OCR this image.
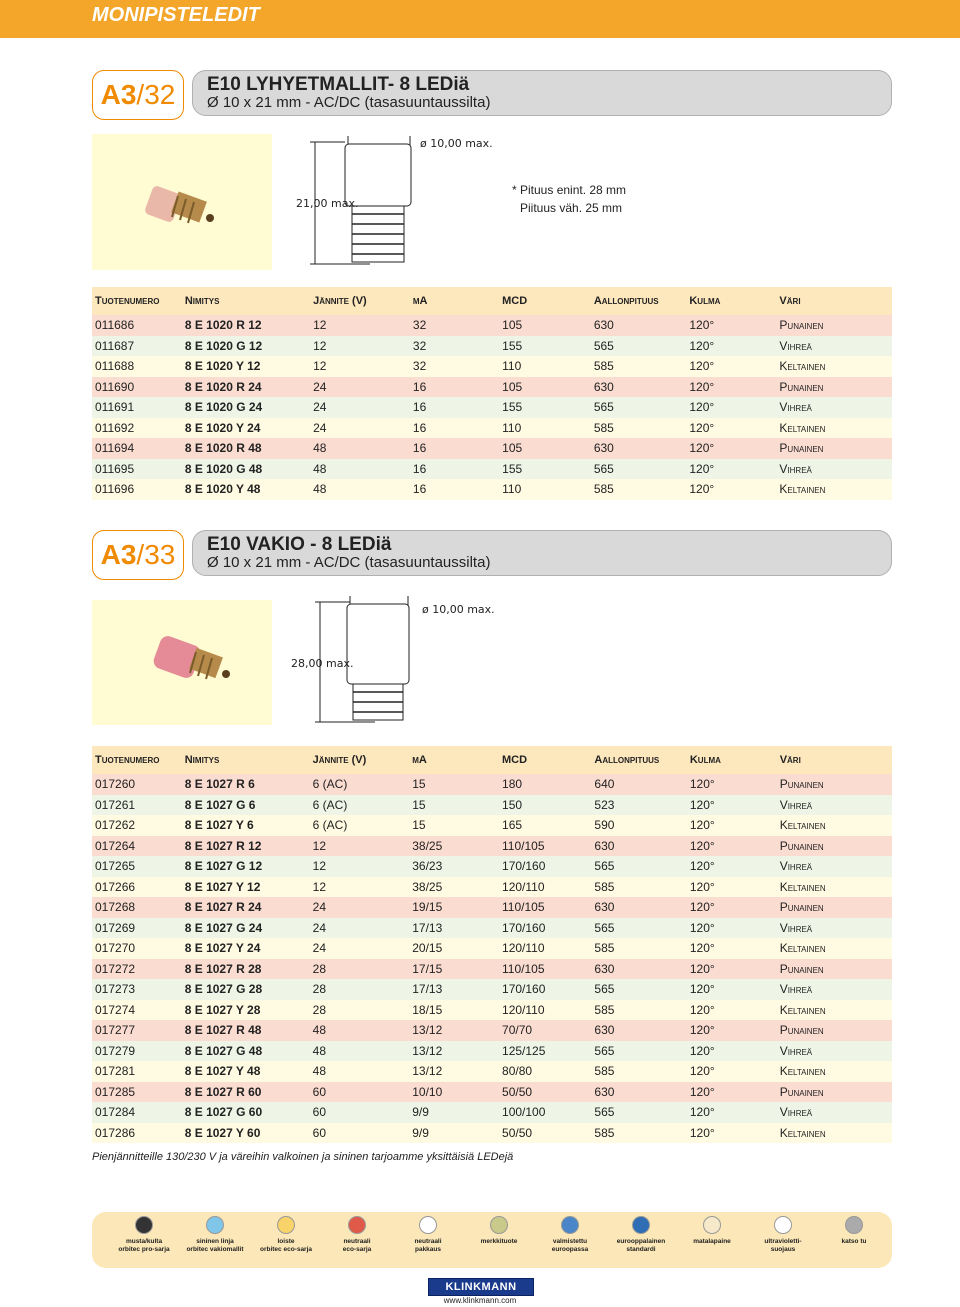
MONIPISTELEDIT
A3/32	E10 LYHYETMALLIT- 8 LEDiä
Ø 10 x 21 mm - AC/DC (tasasuuntaussilta)
ø 10,00 max.
21,00 max.
* Pituus enint. 28 mm
Piituus väh. 25 mm
Tuotenumero	Nimitys	Jännite (V)	mA	MCD	Aallonpituus	Kulma	Väri
011686	8 E 1020 R 12	12	32	105	630	120°	Punainen
011687	8 E 1020 G 12	12	32	155	565	120°	Vihreä
011688	8 E 1020 Y 12	12	32	110	585	120°	Keltainen
011690	8 E 1020 R 24	24	16	105	630	120°	Punainen
011691	8 E 1020 G 24	24	16	155	565	120°	Vihreä
011692	8 E 1020 Y 24	24	16	110	585	120°	Keltainen
011694	8 E 1020 R 48	48	16	105	630	120°	Punainen
011695	8 E 1020 G 48	48	16	155	565	120°	Vihreä
011696	8 E 1020 Y 48	48	16	110	585	120°	Keltainen
A3/33	E10 VAKIO - 8 LEDiä
Ø 10 x 21 mm - AC/DC (tasasuuntaussilta)
ø 10,00 max.
28,00 max.
Tuotenumero	Nimitys	Jännite (V)	mA	MCD	Aallonpituus	Kulma	Väri
017260	8 E 1027 R 6	6 (AC)	15	180	640	120°	Punainen
017261	8 E 1027 G 6	6 (AC)	15	150	523	120°	Vihreä
017262	8 E 1027 Y 6	6 (AC)	15	165	590	120°	Keltainen
017264	8 E 1027 R 12	12	38/25	110/105	630	120°	Punainen
017265	8 E 1027 G 12	12	36/23	170/160	565	120°	Vihreä
017266	8 E 1027 Y 12	12	38/25	120/110	585	120°	Keltainen
017268	8 E 1027 R 24	24	19/15	110/105	630	120°	Punainen
017269	8 E 1027 G 24	24	17/13	170/160	565	120°	Vihreä
017270	8 E 1027 Y 24	24	20/15	120/110	585	120°	Keltainen
017272	8 E 1027 R 28	28	17/15	110/105	630	120°	Punainen
017273	8 E 1027 G 28	28	17/13	170/160	565	120°	Vihreä
017274	8 E 1027 Y 28	28	18/15	120/110	585	120°	Keltainen
017277	8 E 1027 R 48	48	13/12	70/70	630	120°	Punainen
017279	8 E 1027 G 48	48	13/12	125/125	565	120°	Vihreä
017281	8 E 1027 Y 48	48	13/12	80/80	585	120°	Keltainen
017285	8 E 1027 R 60	60	10/10	50/50	630	120°	Punainen
017284	8 E 1027 G 60	60	9/9	100/100	565	120°	Vihreä
017286	8 E 1027 Y 60	60	9/9	50/50	585	120°	Keltainen
Pienjännitteille 130/230 V ja väreihin valkoinen ja sininen tarjoamme yksittäisiä LEDejä
musta/kulta
orbitec pro-sarja
sininen linja
orbitec vakiomallit
loiste
orbitec eco-sarja
neutraali
eco-sarja
neutraali
pakkaus
merkkituote	valmistettu
euroopassa
eurooppalainen
standardi
matalapaine	ultravioletti-
suojaus
katso tu
KLINKMANN
www.klinkmann.com
